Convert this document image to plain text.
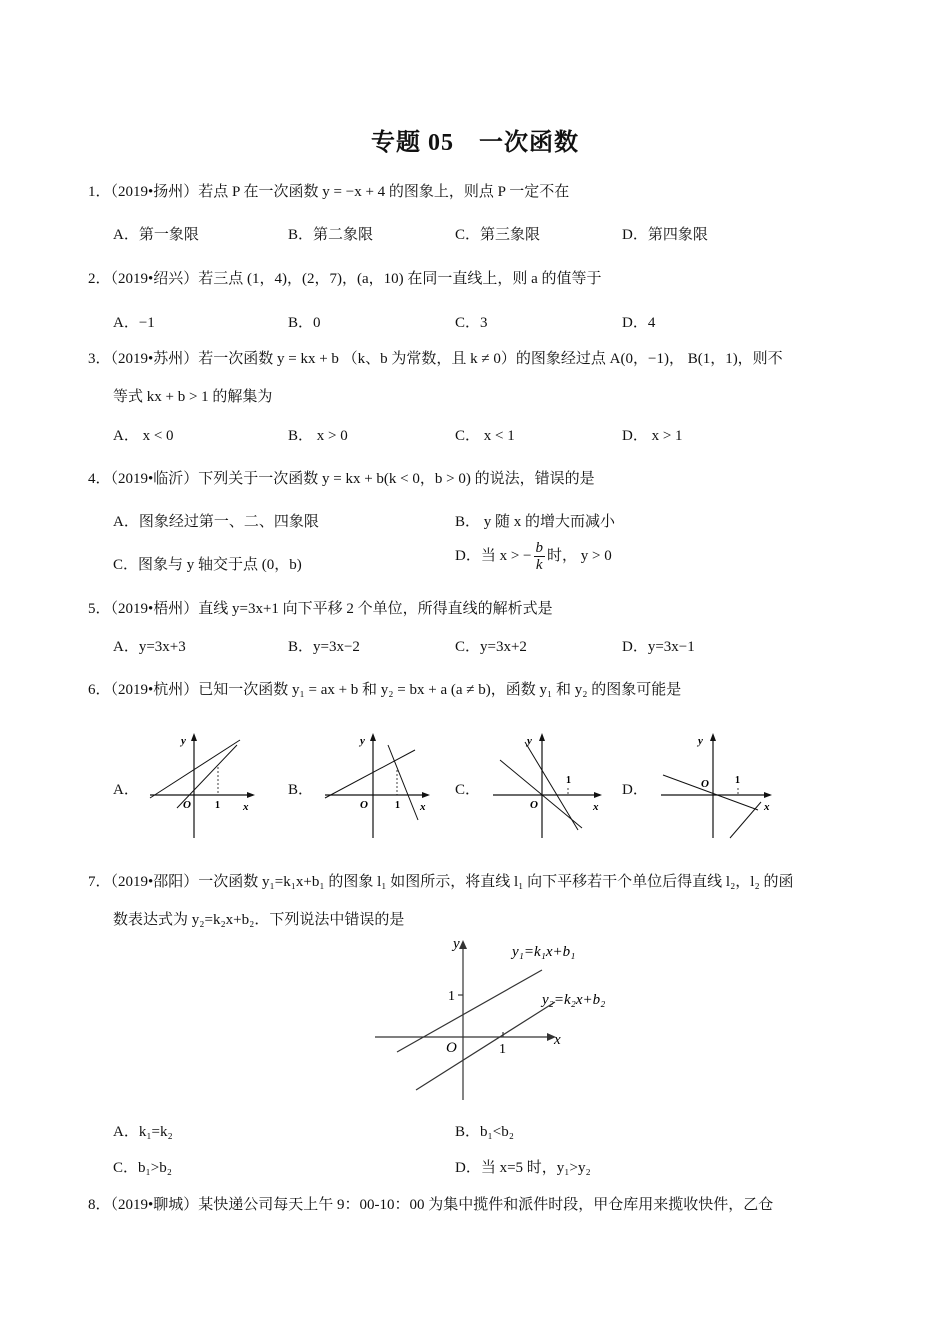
专题 05　一次函数
1．（2019•扬州）若点 P 在一次函数 y = −x + 4 的图象上，则点 P 一定不在
A．第一象限	B．第二象限	C．第三象限	D．第四象限
2．（2019•绍兴）若三点 (1，4)，(2，7)，(a，10) 在同一直线上，则 a 的值等于
A．−1	B．0	C．3	D．4
3．（2019•苏州）若一次函数 y = kx + b （k、b 为常数，且 k ≠ 0）的图象经过点 A(0，−1)， B(1，1)，则不
等式 kx + b > 1 的解集为
A． x < 0	B． x > 0	C． x < 1	D． x > 1
4．（2019•临沂）下列关于一次函数 y = kx + b(k < 0，b > 0) 的说法，错误的是
A．图象经过第一、二、四象限	B． y 随 x 的增大而减小
C．图象与 y 轴交于点 (0，b)
D．当 x > − $\frac{b}{k}$ 时， y > 0
5．（2019•梧州）直线 y=3x+1 向下平移 2 个单位，所得直线的解析式是
A．y=3x+3	B．y=3x−2	C．y=3x+2	D．y=3x−1
6．（2019•杭州）已知一次函数 y₁ = ax + b 和 y₂ = bx + a (a ≠ b)，函数 y₁ 和 y₂ 的图象可能是
A．	B．	C．	D．
y
x
O 1
y
x
O	1
y
x
O
1
y
x
O	1
7．（2019•邵阳）一次函数 y₁=k₁x+b₁ 的图象 l₁ 如图所示，将直线 l₁ 向下平移若干个单位后得直线 l₂，l₂ 的函
数表达式为 y₂=k₂x+b₂．下列说法中错误的是
y
x
O
1
1
y₁=k₁x+b₁
y₂=k₂x+b₂
A．k₁=k₂	B．b₁<b₂
C．b₁>b₂	D．当 x=5 时，y₁>y₂
8．（2019•聊城）某快递公司每天上午 9：00-10：00 为集中揽件和派件时段，甲仓库用来揽收快件，乙仓
